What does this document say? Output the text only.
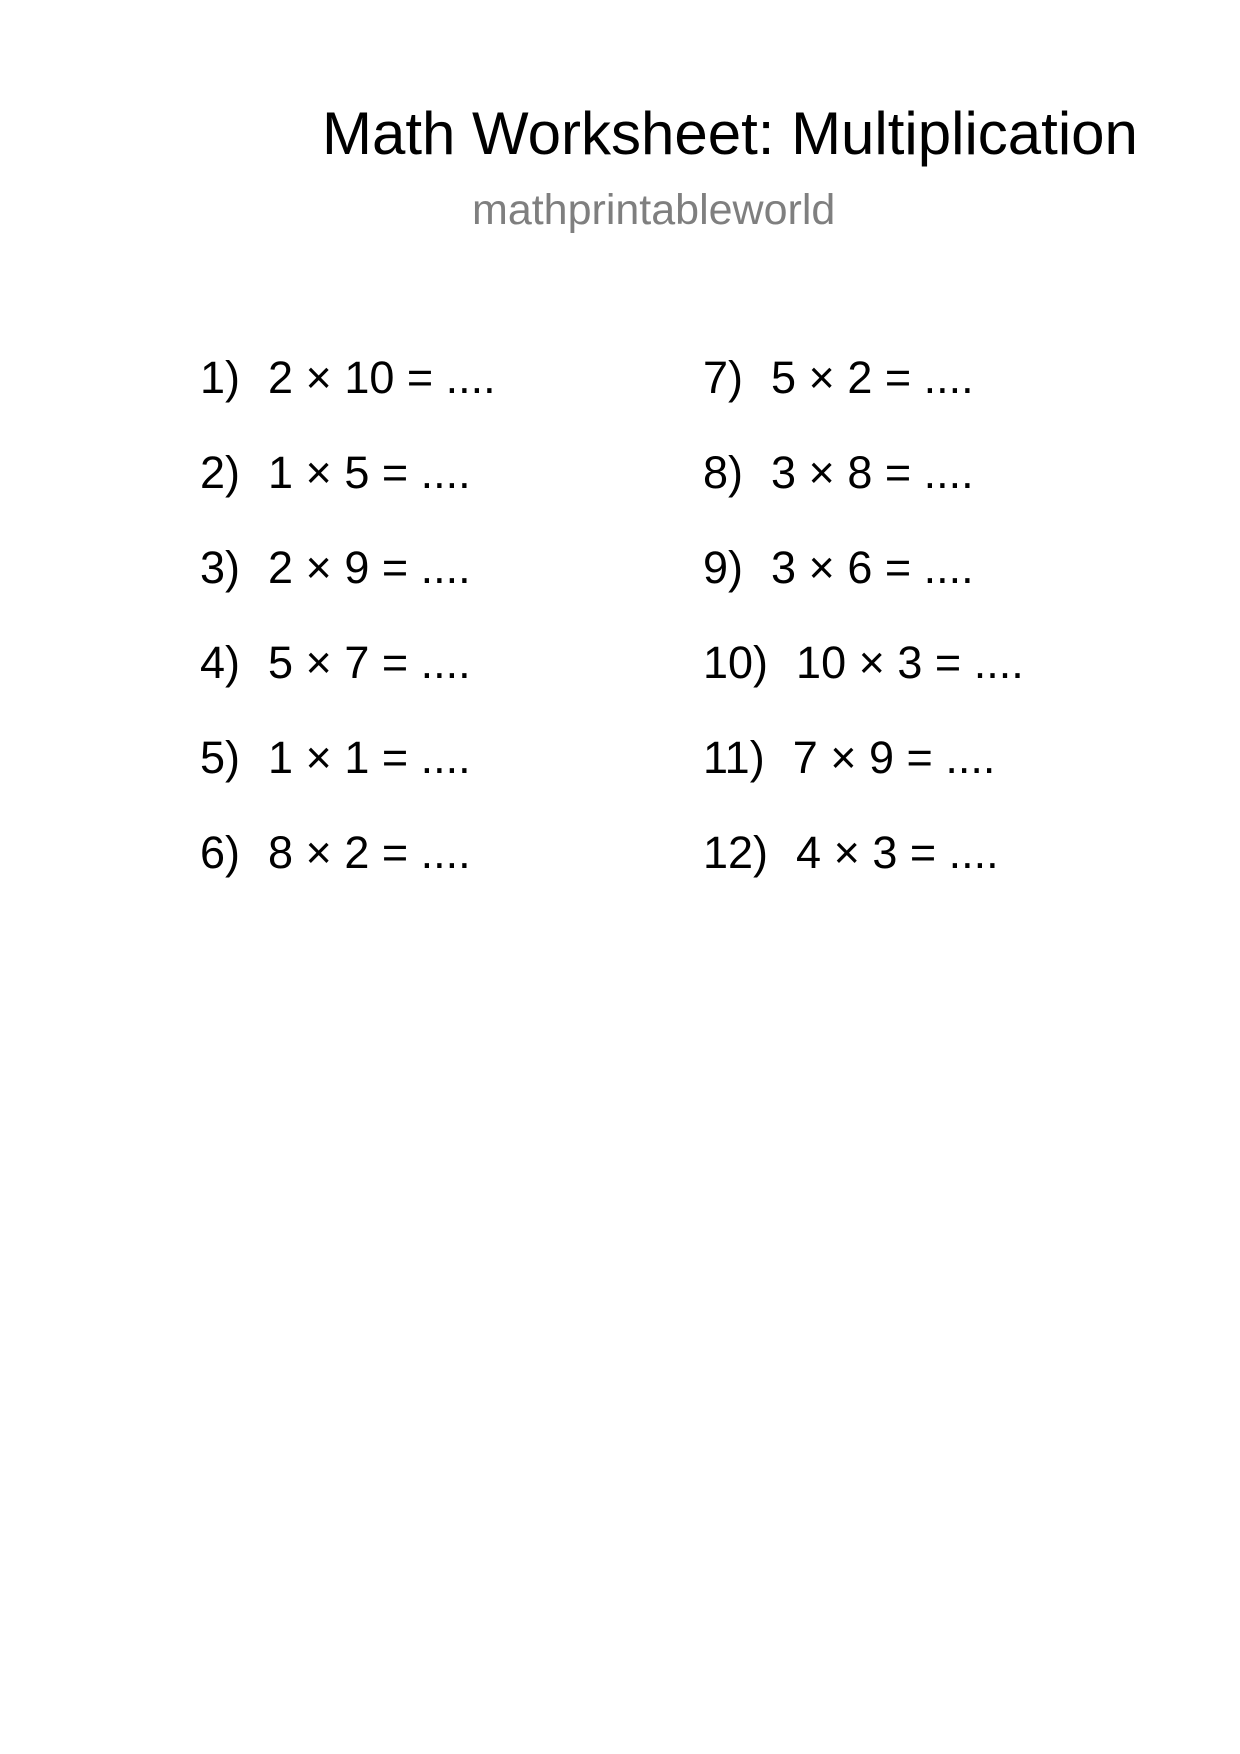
Math Worksheet: Multiplication
mathprintableworld
1) 2 × 10 = ....
2) 1 × 5 = ....
3) 2 × 9 = ....
4) 5 × 7 = ....
5) 1 × 1 = ....
6) 8 × 2 = ....
7) 5 × 2 = ....
8) 3 × 8 = ....
9) 3 × 6 = ....
10) 10 × 3 = ....
11) 7 × 9 = ....
12) 4 × 3 = ....
